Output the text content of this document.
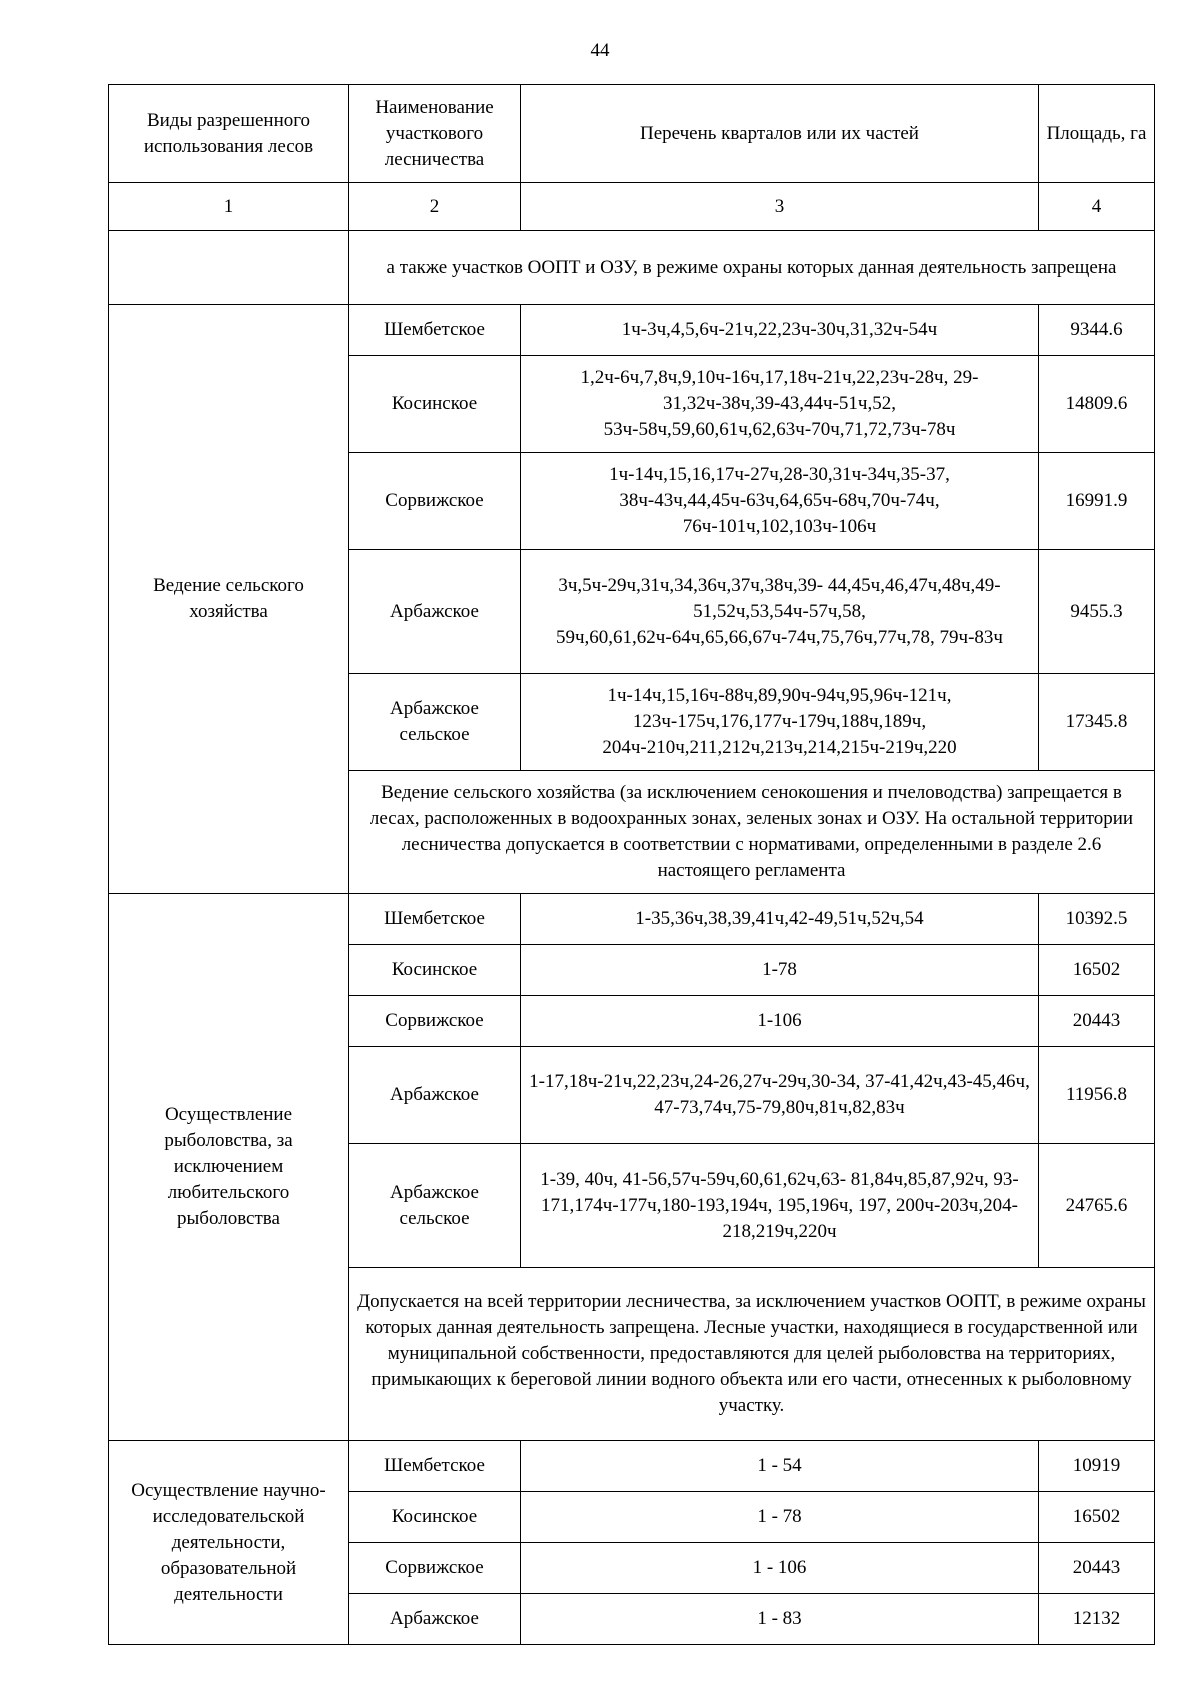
44
Виды разрешенного использования лесов	Наименование участкового лесничества	Перечень кварталов или их частей	Площадь, га
1	2	3	4
	а также участков ООПТ и ОЗУ, в режиме охраны которых данная деятельность запрещена		
Ведение сельского хозяйства	Шембетское	1ч-3ч,4,5,6ч-21ч,22,23ч-30ч,31,32ч-54ч	9344.6
	Косинское	1,2ч-6ч,7,8ч,9,10ч-16ч,17,18ч-21ч,22,23ч-28ч, 29-31,32ч-38ч,39-43,44ч-51ч,52, 53ч-58ч,59,60,61ч,62,63ч-70ч,71,72,73ч-78ч	14809.6
	Сорвижское	1ч-14ч,15,16,17ч-27ч,28-30,31ч-34ч,35-37, 38ч-43ч,44,45ч-63ч,64,65ч-68ч,70ч-74ч, 76ч-101ч,102,103ч-106ч	16991.9
	Арбажское	3ч,5ч-29ч,31ч,34,36ч,37ч,38ч,39- 44,45ч,46,47ч,48ч,49-51,52ч,53,54ч-57ч,58, 59ч,60,61,62ч-64ч,65,66,67ч-74ч,75,76ч,77ч,78, 79ч-83ч	9455.3
	Арбажское сельское	1ч-14ч,15,16ч-88ч,89,90ч-94ч,95,96ч-121ч, 123ч-175ч,176,177ч-179ч,188ч,189ч, 204ч-210ч,211,212ч,213ч,214,215ч-219ч,220	17345.8
	Ведение сельского хозяйства (за исключением сенокошения и пчеловодства) запрещается в лесах, расположенных в водоохранных зонах, зеленых зонах и ОЗУ. На остальной территории лесничества допускается в соответствии с нормативами, определенными в разделе 2.6 настоящего регламента		
Осуществление рыболовства, за исключением любительского рыболовства	Шембетское	1-35,36ч,38,39,41ч,42-49,51ч,52ч,54	10392.5
	Косинское	1-78	16502
	Сорвижское	1-106	20443
	Арбажское	1-17,18ч-21ч,22,23ч,24-26,27ч-29ч,30-34, 37-41,42ч,43-45,46ч, 47-73,74ч,75-79,80ч,81ч,82,83ч	11956.8
	Арбажское сельское	1-39, 40ч, 41-56,57ч-59ч,60,61,62ч,63- 81,84ч,85,87,92ч, 93-171,174ч-177ч,180-193,194ч, 195,196ч, 197, 200ч-203ч,204-218,219ч,220ч	24765.6
	Допускается на всей территории лесничества, за исключением участков ООПТ, в режиме охраны которых данная деятельность запрещена. Лесные участки, находящиеся в государственной или муниципальной собственности, предоставляются для целей рыболовства на территориях, примыкающих к береговой линии водного объекта или его части, отнесенных к рыболовному участку.		
Осуществление научно-исследовательской деятельности, образовательной деятельности	Шембетское	1 - 54	10919
	Косинское	1 - 78	16502
	Сорвижское	1 - 106	20443
	Арбажское	1 - 83	12132
